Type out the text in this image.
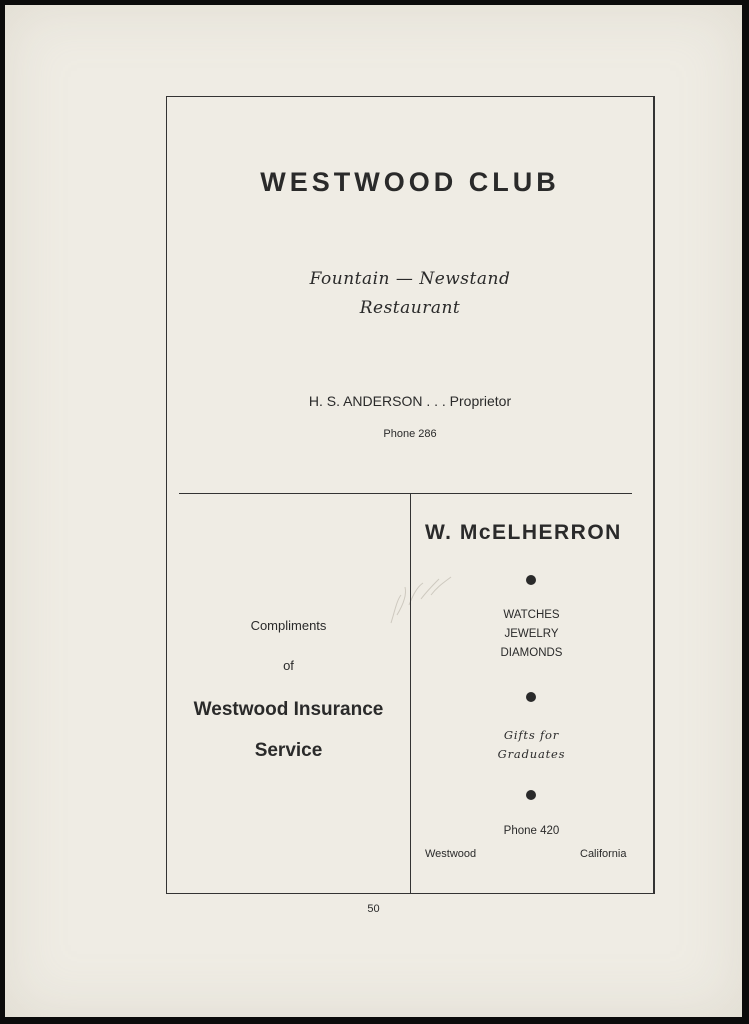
WESTWOOD CLUB
Fountain — Newstand
Restaurant
H. S. ANDERSON . . . Proprietor
Phone 286
Compliments
of
Westwood Insurance
Service
W. McELHERRON
WATCHES
JEWELRY
DIAMONDS
Gifts for
Graduates
Phone 420
Westwood	California
50
